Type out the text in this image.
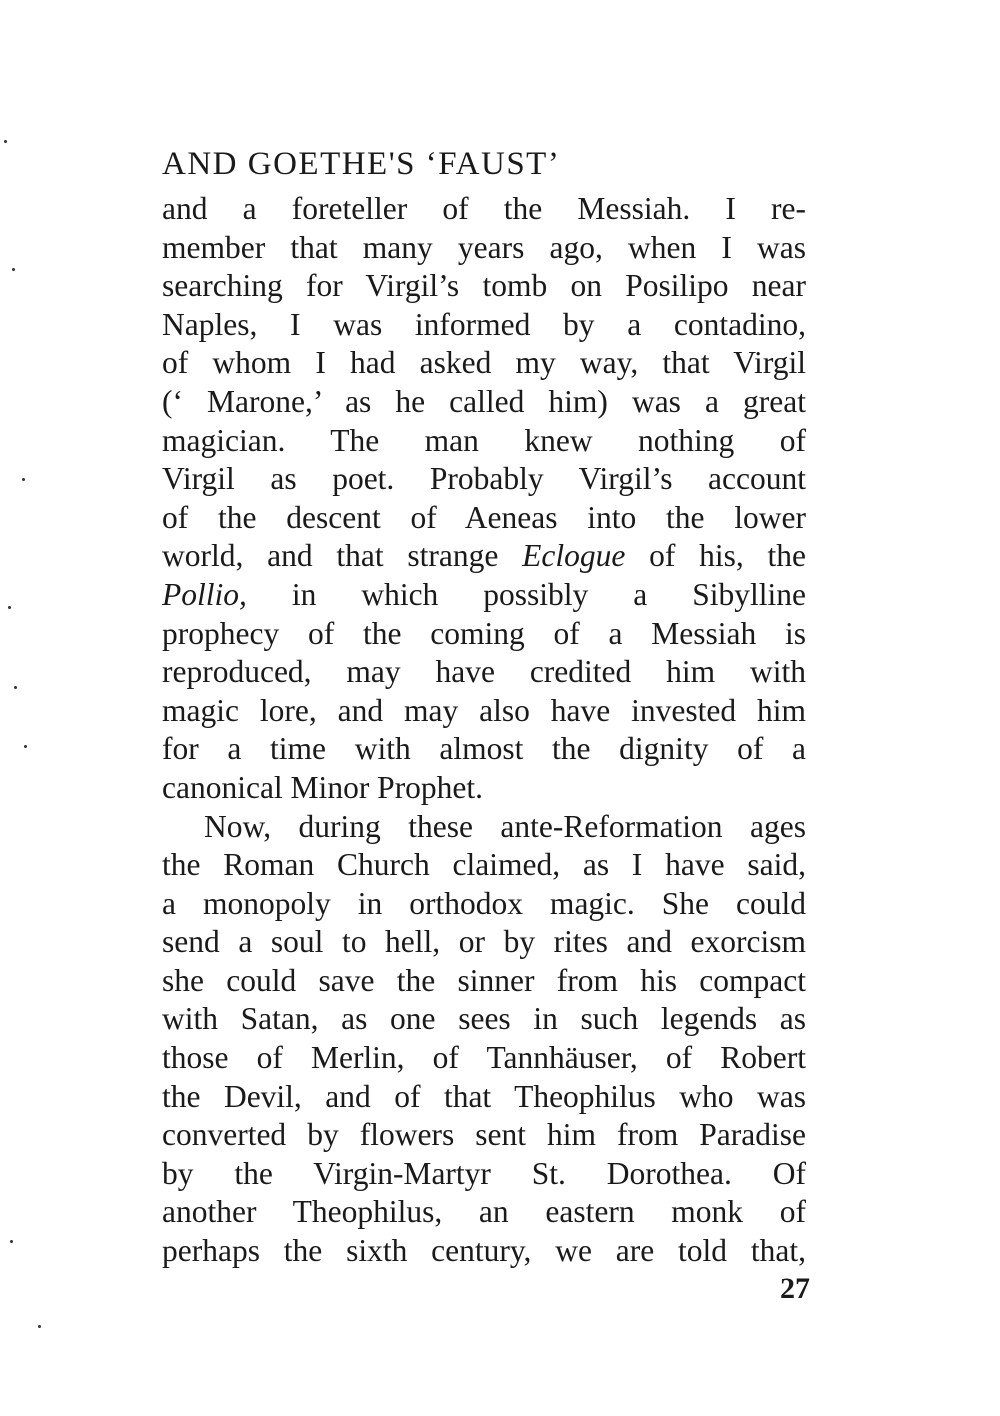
AND GOETHE'S ‘FAUST’

and a foreteller of the Messiah. I re-
member that many years ago, when I was
searching for Virgil’s tomb on Posilipo near
Naples, I was informed by a contadino,
of whom I had asked my way, that Virgil
(‘ Marone,’ as he called him) was a great
magician. The man knew nothing of
Virgil as poet. Probably Virgil’s account
of the descent of Aeneas into the lower
world, and that strange Eclogue of his, the
Pollio, in which possibly a Sibylline
prophecy of the coming of a Messiah is
reproduced, may have credited him with
magic lore, and may also have invested him
for a time with almost the dignity of a
canonical Minor Prophet.

Now, during these ante-Reformation ages
the Roman Church claimed, as I have said,
a monopoly in orthodox magic. She could
send a soul to hell, or by rites and exorcism
she could save the sinner from his compact
with Satan, as one sees in such legends as
those of Merlin, of Tannhäuser, of Robert
the Devil, and of that Theophilus who was
converted by flowers sent him from Paradise
by the Virgin-Martyr St. Dorothea. Of
another Theophilus, an eastern monk of
perhaps the sixth century, we are told that,

27
